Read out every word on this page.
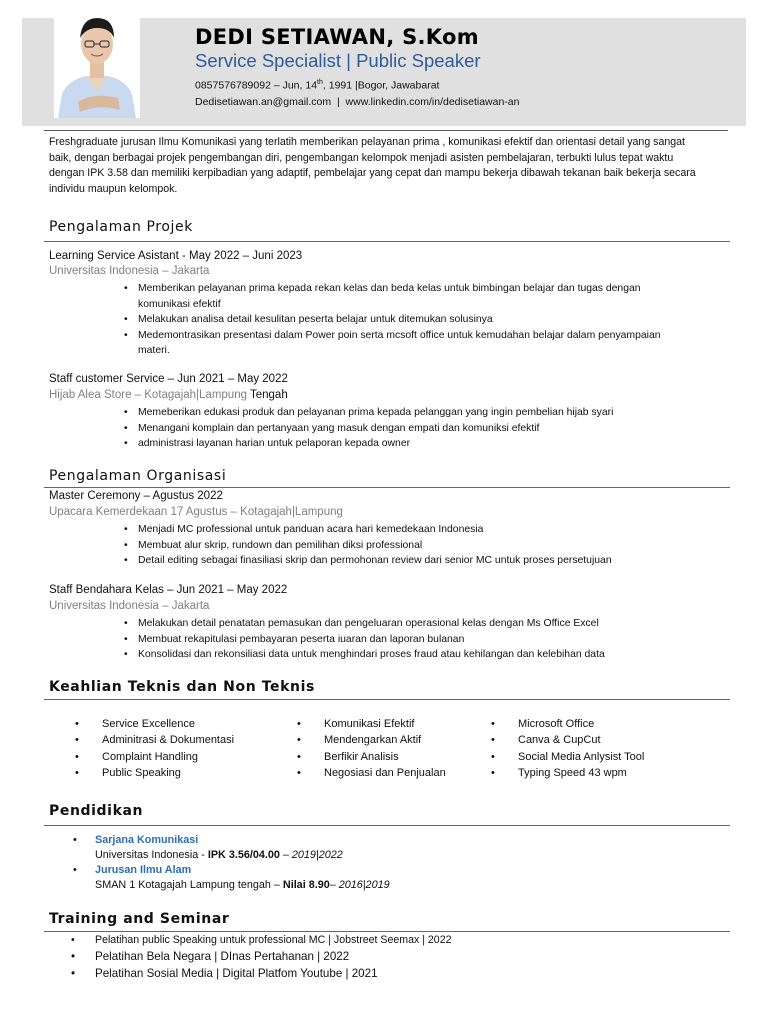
DEDI SETIAWAN, S.Kom
Service Specialist | Public Speaker
0857576789092 – Jun, 14th, 1991 |Bogor, Jawabarat
Dedisetiawan.an@gmail.com  |  www.linkedin.com/in/dedisetiawan-an
Freshgraduate jurusan Ilmu Komunikasi yang terlatih memberikan pelayanan prima , komunikasi efektif dan orientasi detail yang sangat baik, dengan berbagai projek pengembangan diri, pengembangan kelompok menjadi asisten pembelajaran, terbukti lulus tepat waktu dengan IPK 3.58 dan memiliki kerpibadian yang adaptif, pembelajar yang cepat dan mampu bekerja dibawah tekanan baik bekerja secara individu maupun kelompok.
Pengalaman Projek
Learning Service Asistant - May 2022 – Juni 2023
Universitas Indonesia – Jakarta
• Memberikan pelayanan prima kepada rekan kelas dan beda kelas untuk bimbingan belajar dan tugas dengan komunikasi efektif
• Melakukan analisa detail kesulitan peserta belajar untuk ditemukan solusinya
• Medemontrasikan presentasi dalam Power poin serta mcsoft office untuk kemudahan belajar dalam penyampaian materi.
Staff customer Service – Jun 2021 – May 2022
Hijab Alea Store – Kotagajah|Lampung Tengah
• Memeberikan edukasi produk dan pelayanan prima kepada pelanggan yang ingin pembelian hijab syari
• Menangani komplain dan pertanyaan yang masuk dengan empati dan komuniksi efektif
• administrasi layanan harian untuk pelaporan kepada owner
Pengalaman Organisasi
Master Ceremony – Agustus 2022
Upacara Kemerdekaan 17 Agustus – Kotagajah|Lampung
• Menjadi MC professional untuk panduan acara hari kemedekaan Indonesia
• Membuat alur skrip, rundown dan pemilihan diksi professional
• Detail editing sebagai finasiliasi skrip dan permohonan review dari senior MC untuk proses persetujuan
Staff Bendahara Kelas – Jun 2021 – May 2022
Universitas Indonesia – Jakarta
• Melakukan detail penatatan pemasukan dan pengeluaran operasional kelas dengan Ms Office Excel
• Membuat rekapitulasi pembayaran peserta iuaran dan laporan bulanan
• Konsolidasi dan rekonsiliasi data untuk menghindari proses fraud atau kehilangan dan kelebihan data
Keahlian Teknis dan Non Teknis
• Service Excellence
• Adminitrasi & Dokumentasi
• Complaint Handling
• Public Speaking
• Komunikasi Efektif
• Mendengarkan Aktif
• Berfikir Analisis
• Negosiasi dan Penjualan
• Microsoft Office
• Canva & CupCut
• Social Media Anlysist Tool
• Typing Speed 43 wpm
Pendidikan
• Sarjana Komunikasi
Universitas Indonesia - IPK 3.56/04.00 – 2019|2022
• Jurusan Ilmu Alam
SMAN 1 Kotagajah Lampung tengah – Nilai 8.90– 2016|2019
Training and Seminar
• Pelatihan public Speaking untuk professional MC | Jobstreet Seemax | 2022
• Pelatihan Bela Negara | DInas Pertahanan | 2022
• Pelatihan Sosial Media | Digital Platfom Youtube | 2021
